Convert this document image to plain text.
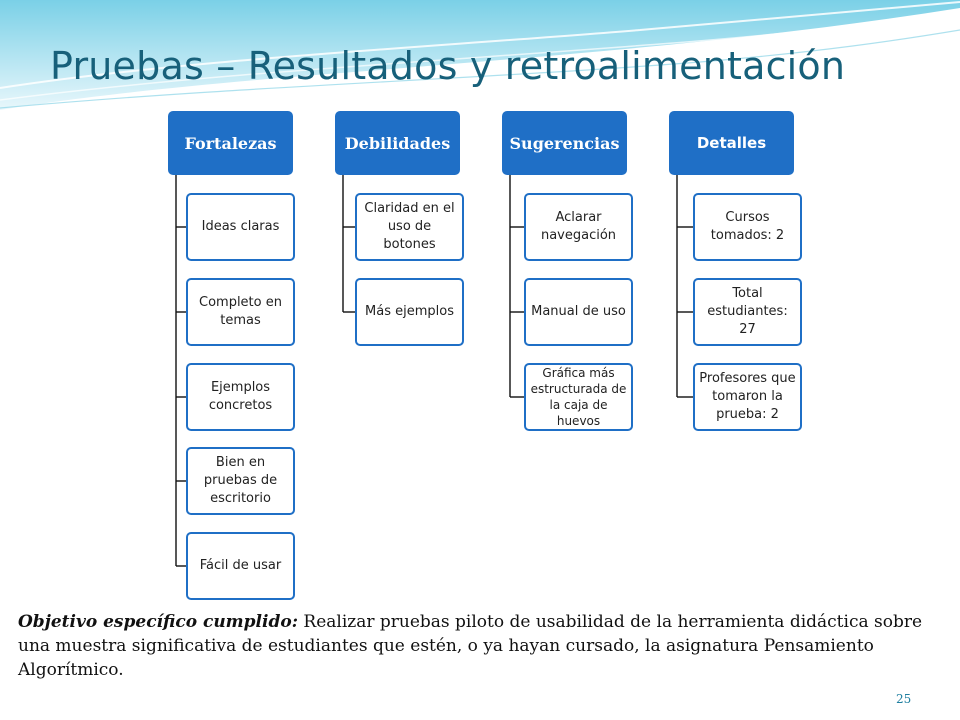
Pruebas – Resultados y retroalimentación
Fortalezas
Ideas claras
Completo en temas
Ejemplos concretos
Bien en pruebas de escritorio
Fácil de usar
Debilidades
Claridad en el uso de botones
Más ejemplos
Sugerencias
Aclarar navegación
Manual de uso
Gráfica más estructurada de la caja de huevos
Detalles
Cursos tomados: 2
Total estudiantes: 27
Profesores que tomaron la prueba: 2
Objetivo específico cumplido: Realizar pruebas piloto de usabilidad de la herramienta didáctica sobre una muestra significativa de estudiantes que estén, o ya hayan cursado, la asignatura Pensamiento Algorítmico.
25
